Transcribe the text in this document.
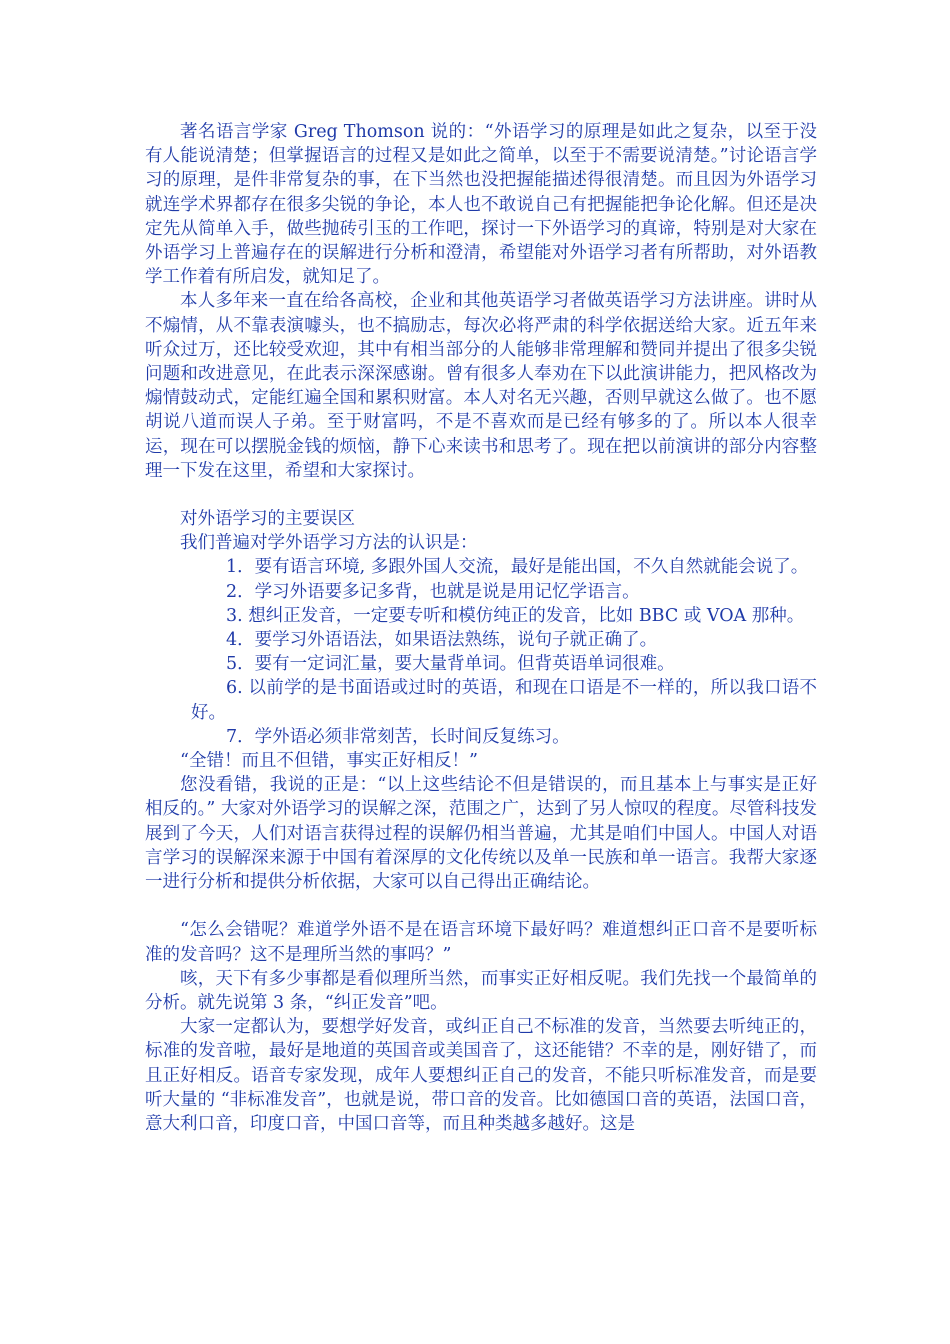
著名语言学家 Greg Thomson 说的：“外语学习的原理是如此之复杂，以至于没有人能说清楚；但掌握语言的过程又是如此之简单，以至于不需要说清楚。”讨论语言学习的原理，是件非常复杂的事，在下当然也没把握能描述得很清楚。而且因为外语学习就连学术界都存在很多尖锐的争论，本人也不敢说自己有把握能把争论化解。但还是决定先从简单入手，做些抛砖引玉的工作吧，探讨一下外语学习的真谛，特别是对大家在外语学习上普遍存在的误解进行分析和澄清，希望能对外语学习者有所帮助，对外语教学工作着有所启发，就知足了。

本人多年来一直在给各高校，企业和其他英语学习者做英语学习方法讲座。讲时从不煽情，从不靠表演噱头，也不搞励志，每次必将严肃的科学依据送给大家。近五年来听众过万，还比较受欢迎，其中有相当部分的人能够非常理解和赞同并提出了很多尖锐问题和改进意见，在此表示深深感谢。曾有很多人奉劝在下以此演讲能力，把风格改为煽情鼓动式，定能红遍全国和累积财富。本人对名无兴趣，否则早就这么做了。也不愿胡说八道而误人子弟。至于财富吗，不是不喜欢而是已经有够多的了。所以本人很幸运，现在可以摆脱金钱的烦恼，静下心来读书和思考了。现在把以前演讲的部分内容整理一下发在这里，希望和大家探讨。

对外语学习的主要误区

我们普遍对学外语学习方法的认识是：

1．要有语言环境, 多跟外国人交流，最好是能出国，不久自然就能会说了。

2．学习外语要多记多背，也就是说是用记忆学语言。

3. 想纠正发音，一定要专听和模仿纯正的发音，比如 BBC 或 VOA 那种。

4．要学习外语语法，如果语法熟练，说句子就正确了。

5．要有一定词汇量，要大量背单词。但背英语单词很难。

6. 以前学的是书面语或过时的英语，和现在口语是不一样的，所以我口语不好。

7．学外语必须非常刻苦，长时间反复练习。

“全错！而且不但错，事实正好相反！”

您没看错，我说的正是：“以上这些结论不但是错误的，而且基本上与事实是正好相反的。” 大家对外语学习的误解之深，范围之广，达到了另人惊叹的程度。尽管科技发展到了今天，人们对语言获得过程的误解仍相当普遍，尤其是咱们中国人。中国人对语言学习的误解深来源于中国有着深厚的文化传统以及单一民族和单一语言。我帮大家逐一进行分析和提供分析依据，大家可以自己得出正确结论。

“怎么会错呢？难道学外语不是在语言环境下最好吗？难道想纠正口音不是要听标准的发音吗？这不是理所当然的事吗？”

咳，天下有多少事都是看似理所当然，而事实正好相反呢。我们先找一个最简单的分析。就先说第 3 条，“纠正发音”吧。

大家一定都认为，要想学好发音，或纠正自己不标准的发音，当然要去听纯正的，标准的发音啦，最好是地道的英国音或美国音了，这还能错？不幸的是，刚好错了，而且正好相反。语音专家发现，成年人要想纠正自己的发音，不能只听标准发音，而是要听大量的 “非标准发音”，也就是说，带口音的发音。比如德国口音的英语，法国口音，意大利口音，印度口音，中国口音等，而且种类越多越好。这是
